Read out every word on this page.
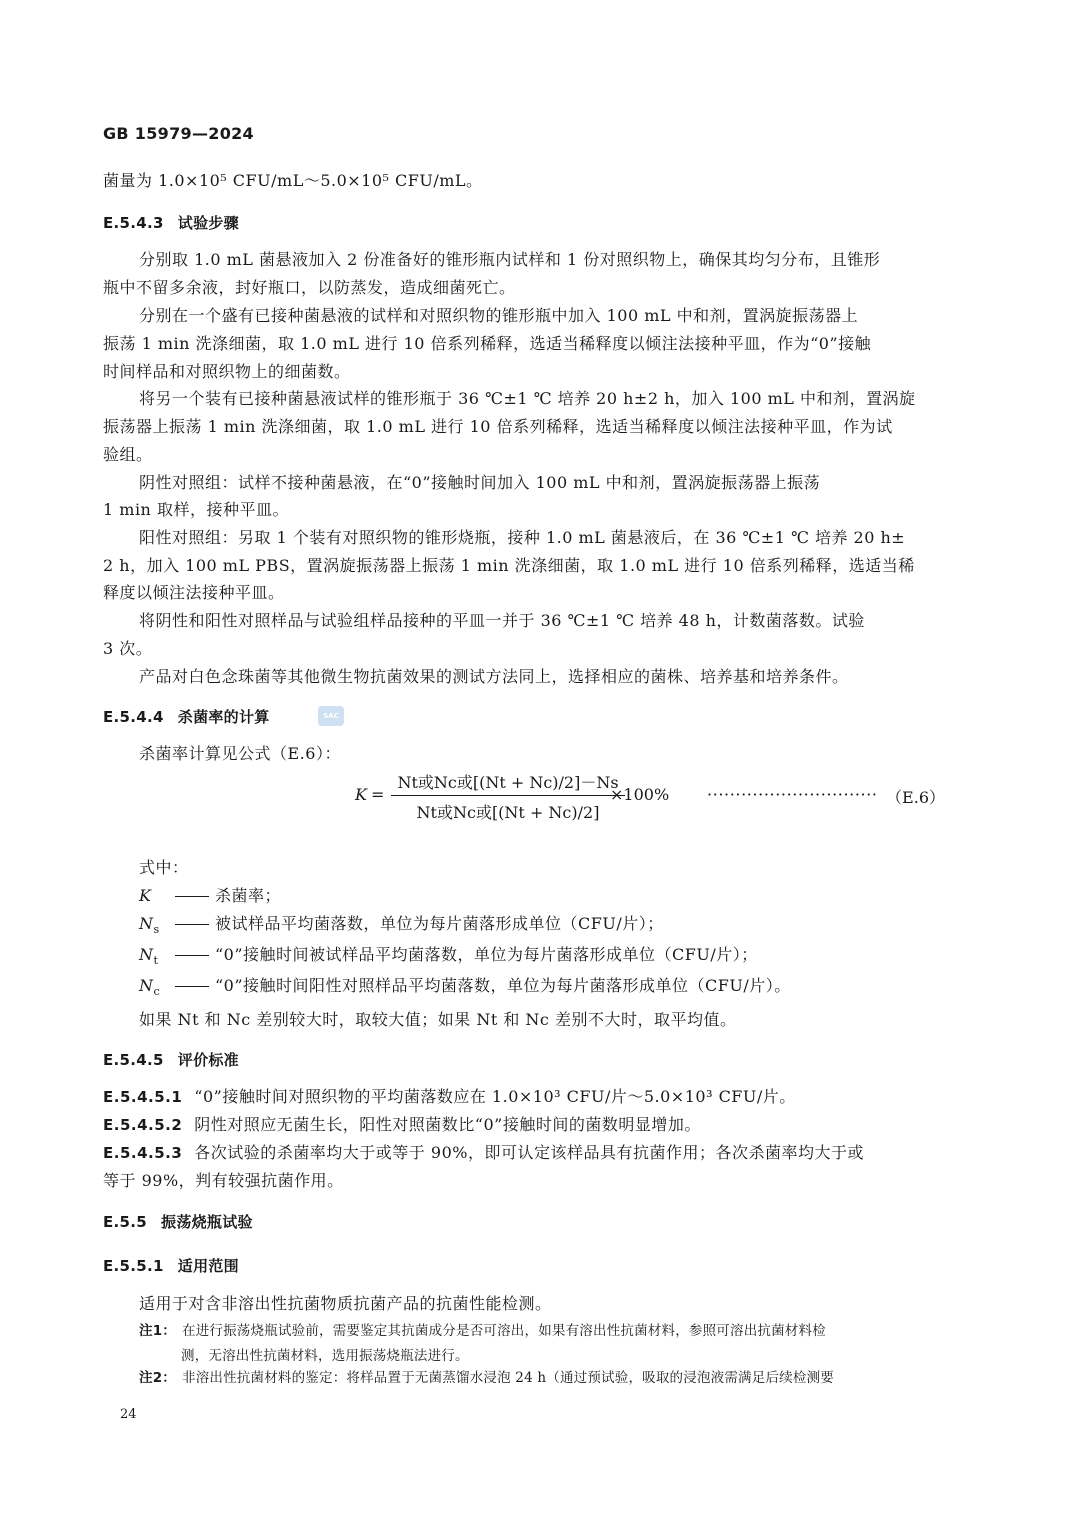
GB 15979—2024
菌量为 1.0×10⁵ CFU/mL～5.0×10⁵ CFU/mL。
E.5.4.3 试验步骤
分别取 1.0 mL 菌悬液加入 2 份准备好的锥形瓶内试样和 1 份对照织物上，确保其均匀分布，且锥形
瓶中不留多余液，封好瓶口，以防蒸发，造成细菌死亡。
分别在一个盛有已接种菌悬液的试样和对照织物的锥形瓶中加入 100 mL 中和剂，置涡旋振荡器上
振荡 1 min 洗涤细菌，取 1.0 mL 进行 10 倍系列稀释，选适当稀释度以倾注法接种平皿，作为“0”接触
时间样品和对照织物上的细菌数。
将另一个装有已接种菌悬液试样的锥形瓶于 36 ℃±1 ℃ 培养 20 h±2 h，加入 100 mL 中和剂，置涡旋
振荡器上振荡 1 min 洗涤细菌，取 1.0 mL 进行 10 倍系列稀释，选适当稀释度以倾注法接种平皿，作为试
验组。
阴性对照组：试样不接种菌悬液，在“0”接触时间加入 100 mL 中和剂，置涡旋振荡器上振荡
1 min 取样，接种平皿。
阳性对照组：另取 1 个装有对照织物的锥形烧瓶，接种 1.0 mL 菌悬液后，在 36 ℃±1 ℃ 培养 20 h±
2 h，加入 100 mL PBS，置涡旋振荡器上振荡 1 min 洗涤细菌，取 1.0 mL 进行 10 倍系列稀释，选适当稀
释度以倾注法接种平皿。
将阴性和阳性对照样品与试验组样品接种的平皿一并于 36 ℃±1 ℃ 培养 48 h，计数菌落数。试验
3 次。
产品对白色念珠菌等其他微生物抗菌效果的测试方法同上，选择相应的菌株、培养基和培养条件。
E.5.4.4 杀菌率的计算	SAC
杀菌率计算见公式（E.6）：
K =
Nt或Nc或[(Nt + Nc)/2]－Ns
Nt或Nc或[(Nt + Nc)/2]
×100% ······························ （E.6）
式中：
K	杀菌率；
$N_s$	被试样品平均菌落数，单位为每片菌落形成单位（CFU/片）；
$N_t$	“0”接触时间被试样品平均菌落数，单位为每片菌落形成单位（CFU/片）；
$N_c$	“0”接触时间阳性对照样品平均菌落数，单位为每片菌落形成单位（CFU/片）。
如果 Nt 和 Nc 差别较大时，取较大值；如果 Nt 和 Nc 差别不大时，取平均值。
E.5.4.5 评价标准
E.5.4.5.1 “0”接触时间对照织物的平均菌落数应在 1.0×10³ CFU/片～5.0×10³ CFU/片。
E.5.4.5.2 阴性对照应无菌生长，阳性对照菌数比“0”接触时间的菌数明显增加。
E.5.4.5.3 各次试验的杀菌率均大于或等于 90%，即可认定该样品具有抗菌作用；各次杀菌率均大于或
等于 99%，判有较强抗菌作用。
E.5.5 振荡烧瓶试验
E.5.5.1 适用范围
适用于对含非溶出性抗菌物质抗菌产品的抗菌性能检测。
注1： 在进行振荡烧瓶试验前，需要鉴定其抗菌成分是否可溶出，如果有溶出性抗菌材料，参照可溶出抗菌材料检
测，无溶出性抗菌材料，选用振荡烧瓶法进行。
注2： 非溶出性抗菌材料的鉴定：将样品置于无菌蒸馏水浸泡 24 h（通过预试验，吸取的浸泡液需满足后续检测要
24
